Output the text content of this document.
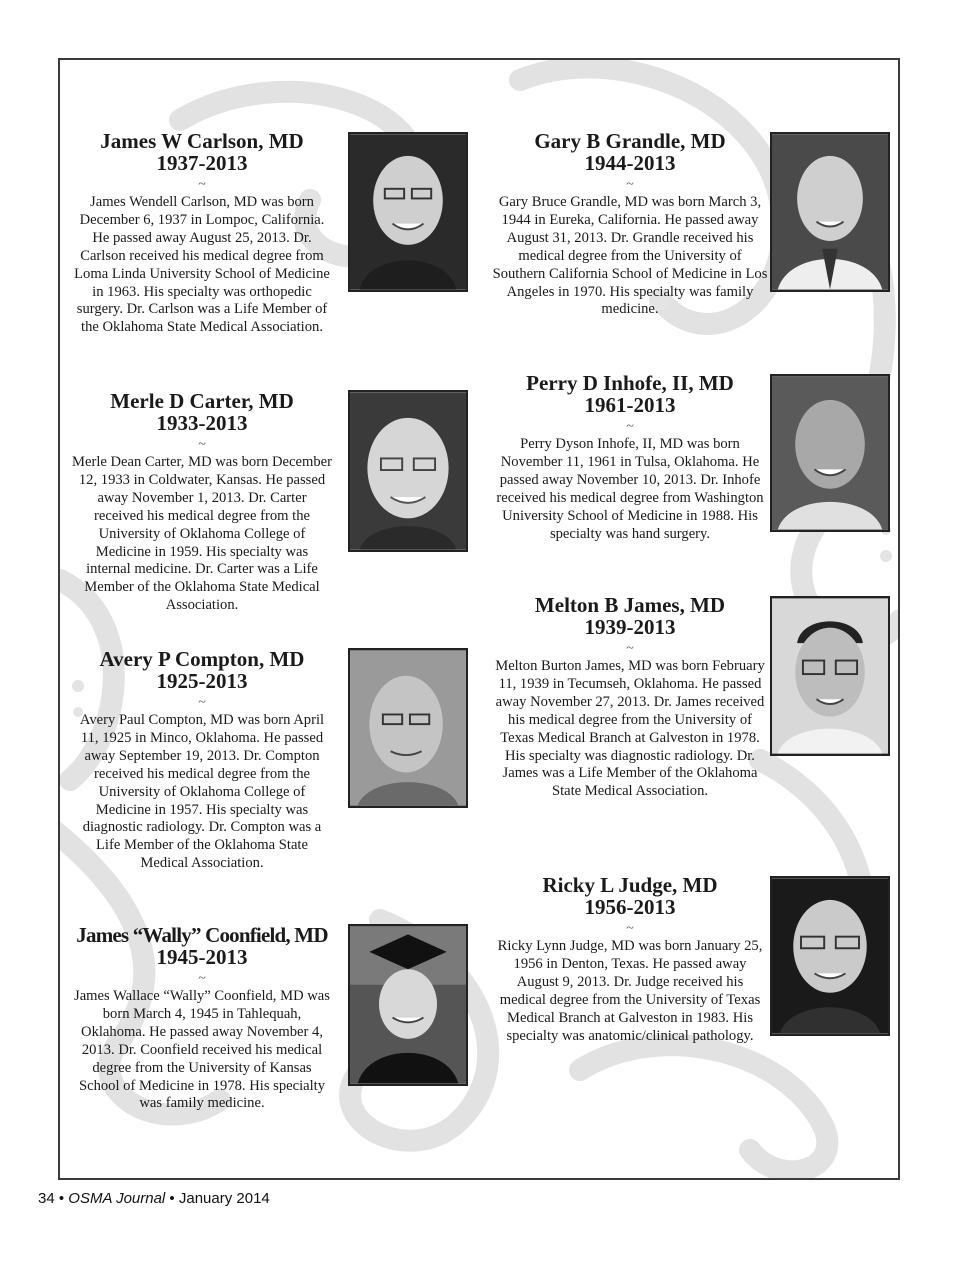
James W Carlson, MD

1937-2013

~

James Wendell Carlson, MD was born December 6, 1937 in Lompoc, California. He passed away August 25, 2013. Dr. Carlson received his medical degree from Loma Linda University School of Medicine in 1963. His specialty was orthopedic surgery. Dr. Carlson was a Life Member of the Oklahoma State Medical Association.

Merle D Carter, MD

1933-2013

~

Merle Dean Carter, MD was born December 12, 1933 in Coldwater, Kansas. He passed away November 1, 2013. Dr. Carter received his medical degree from the University of Oklahoma College of Medicine in 1959. His specialty was internal medicine. Dr. Carter was a Life Member of the Oklahoma State Medical Association.

Avery P Compton, MD

1925-2013

~

Avery Paul Compton, MD was born April 11, 1925 in Minco, Oklahoma. He passed away September 19, 2013. Dr. Compton received his medical degree from the University of Oklahoma College of Medicine in 1957. His specialty was diagnostic radiology. Dr. Compton was a Life Member of the Oklahoma State Medical Association.

James “Wally” Coonfield, MD

1945-2013

~

James Wallace “Wally” Coonfield, MD was born March 4, 1945 in Tahlequah, Oklahoma. He passed away November 4, 2013. Dr. Coonfield received his medical degree from the University of Kansas School of Medicine in 1978. His specialty was family medicine.

Gary B Grandle, MD

1944-2013

~

Gary Bruce Grandle, MD was born March 3, 1944 in Eureka, California. He passed away August 31, 2013. Dr. Grandle received his medical degree from the University of Southern California School of Medicine in Los Angeles in 1970. His specialty was family medicine.

Perry D Inhofe, II, MD

1961-2013

~

Perry Dyson Inhofe, II, MD was born November 11, 1961 in Tulsa, Oklahoma. He passed away November 10, 2013. Dr. Inhofe received his medical degree from Washington University School of Medicine in 1988. His specialty was hand surgery.

Melton B James, MD

1939-2013

~

Melton Burton James, MD was born February 11, 1939 in Tecumseh, Oklahoma. He passed away November 27, 2013. Dr. James received his medical degree from the University of Texas Medical Branch at Galveston in 1978. His specialty was diagnostic radiology. Dr. James was a Life Member of the Oklahoma State Medical Association.

Ricky L Judge, MD

1956-2013

~

Ricky Lynn Judge, MD was born January 25, 1956 in Denton, Texas. He passed away August 9, 2013. Dr. Judge received his medical degree from the University of Texas Medical Branch at Galveston in 1983. His specialty was anatomic/clinical pathology.

34 • OSMA Journal • January 2014
